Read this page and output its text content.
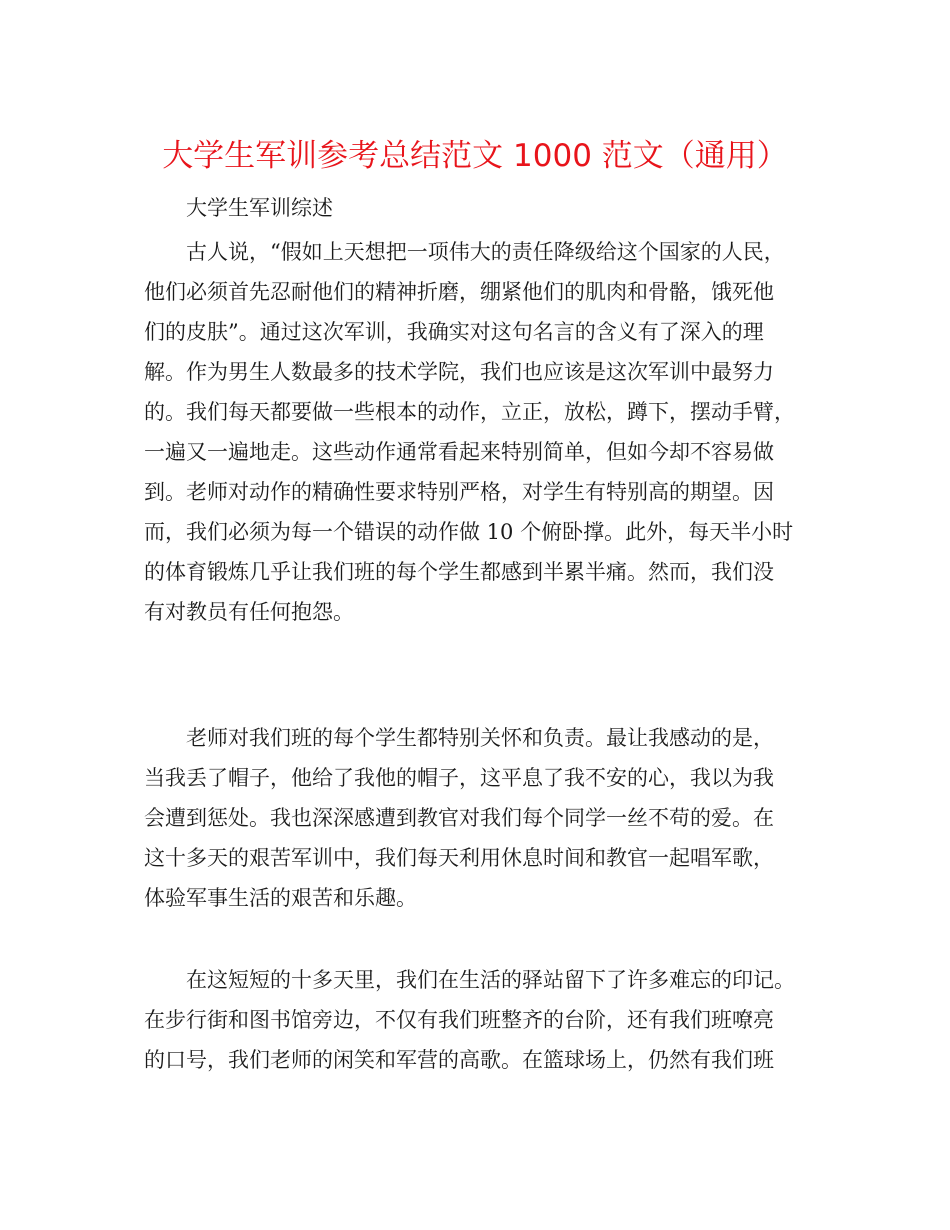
大学生军训参考总结范文 1000 范文（通用）
大学生军训综述
古人说，“假如上天想把一项伟大的责任降级给这个国家的人民，
他们必须首先忍耐他们的精神折磨，绷紧他们的肌肉和骨骼，饿死他
们的皮肤”。通过这次军训，我确实对这句名言的含义有了深入的理
解。作为男生人数最多的技术学院，我们也应该是这次军训中最努力
的。我们每天都要做一些根本的动作，立正，放松，蹲下，摆动手臂，
一遍又一遍地走。这些动作通常看起来特别简单，但如今却不容易做
到。老师对动作的精确性要求特别严格，对学生有特别高的期望。因
而，我们必须为每一个错误的动作做 10 个俯卧撑。此外，每天半小时
的体育锻炼几乎让我们班的每个学生都感到半累半痛。然而，我们没
有对教员有任何抱怨。
老师对我们班的每个学生都特别关怀和负责。最让我感动的是，
当我丢了帽子，他给了我他的帽子，这平息了我不安的心，我以为我
会遭到惩处。我也深深感遭到教官对我们每个同学一丝不苟的爱。在
这十多天的艰苦军训中，我们每天利用休息时间和教官一起唱军歌，
体验军事生活的艰苦和乐趣。
在这短短的十多天里，我们在生活的驿站留下了许多难忘的印记。
在步行街和图书馆旁边，不仅有我们班整齐的台阶，还有我们班嘹亮
的口号，我们老师的闲笑和军营的高歌。在篮球场上，仍然有我们班
